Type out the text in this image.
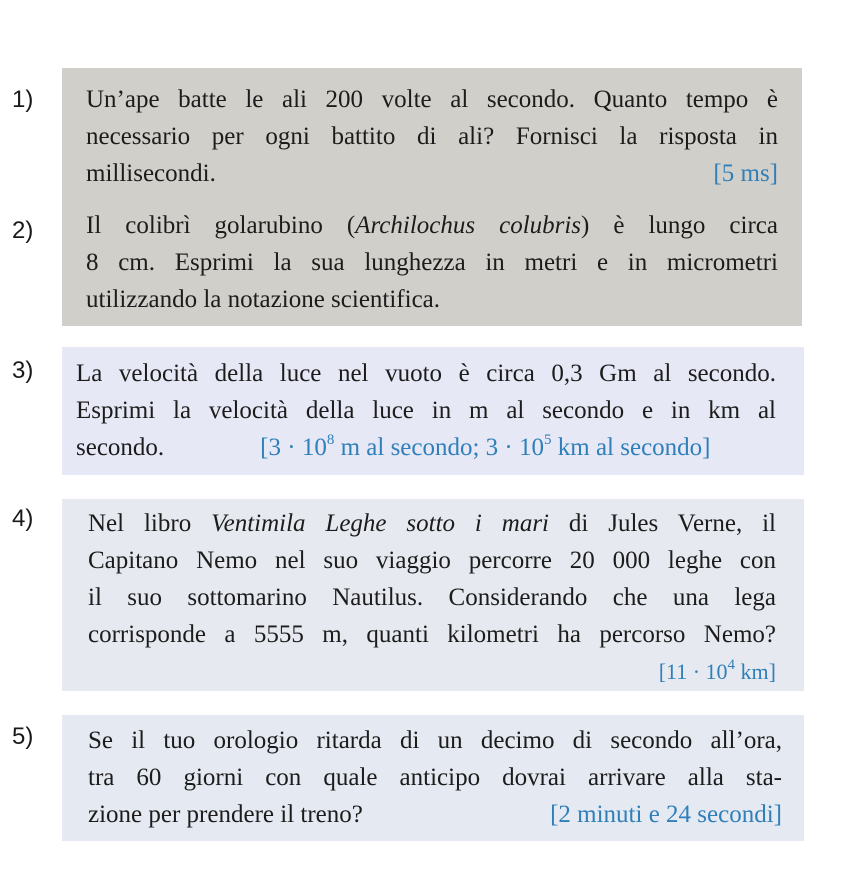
1) Un’ape batte le ali 200 volte al secondo. Quanto tempo è
necessario per ogni battito di ali? Fornisci la risposta in
millisecondi.	[5 ms]
2) Il colibrì golarubino (Archilochus colubris) è lungo circa
8 cm. Esprimi la sua lunghezza in metri e in micrometri
utilizzando la notazione scientifica.
3) La velocità della luce nel vuoto è circa 0,3 Gm al secondo.
Esprimi la velocità della luce in m al secondo e in km al
secondo.	[$3 \cdot 10^8$ m al secondo; $3 \cdot 10^5$ km al secondo]
4) Nel libro Ventimila Leghe sotto i mari di Jules Verne, il
Capitano Nemo nel suo viaggio percorre 20 000 leghe con
il suo sottomarino Nautilus. Considerando che una lega
corrisponde a 5555 m, quanti kilometri ha percorso Nemo?
[$11 \cdot 10^4$ km]
5) Se il tuo orologio ritarda di un decimo di secondo all’ora,
tra 60 giorni con quale anticipo dovrai arrivare alla sta-
zione per prendere il treno?	[2 minuti e 24 secondi]
